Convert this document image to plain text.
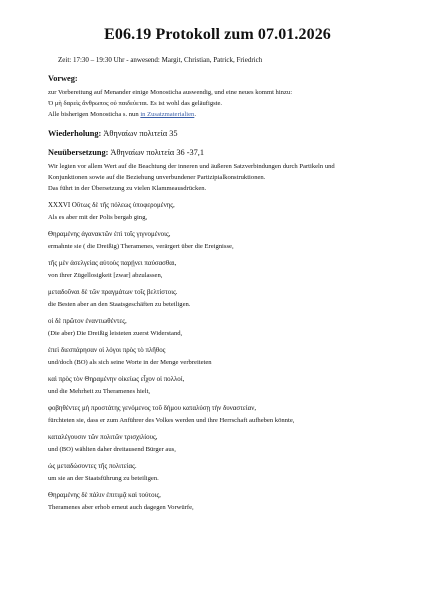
E06.19 Protokoll zum 07.01.2026
Zeit: 17:30 – 19:30 Uhr - anwesend: Margit, Christian, Patrick, Friedrich
Vorweg:

zur Vorbereitung auf Menander einige Monosticha auswendig, und eine neues kommt hinzu:

Ὁ μὴ δαρεὶς ἄνθρωπος οὐ παιδεύεται. Es ist wohl das geläufigste.

Alle bisherigen Monosticha s. nun in Zusatzmaterialien.

Wiederholung: Ἀθηναίων πολιτεία 35
Neuübersetzung: Ἀθηναίων πολιτεία 36 -37,1

Wir legten vor allem Wert auf die Beachtung der inneren und äußeren Satzverbindungen durch Partikeln und

Konjunktionen sowie auf die Beziehung unverbundener Partizipialkonstruktionen.

Das führt in der Übersetzung zu vielen Klammeausdrücken.

XXXVI Οὕτως δὲ τῆς πόλεως ὑποφερομένης,
Als es aber mit der Polis bergab ging,
Θηραμένης ἀγανακτῶν ἐπὶ τοῖς γιγνομένοις,
ermahnte sie ( die Dreißig) Theramenes, verärgert über die Ereignisse,
τῆς μὲν ἀσελγείας αὐτοὺς παρῄνει παύσασθαι,
von ihrer Zügellosigkeit [zwar] abzulassen,
μεταδοῦναι δὲ τῶν πραγμάτων τοῖς βελτίστοις.
die Besten aber an den Staatsgeschäften zu beteiligen.
οἱ δὲ πρῶτον ἐναντιωθέντες,
(Die aber) Die Dreißig leisteten zuerst Widerstand,
ἐπεὶ διεσπάρησαν οἱ λόγοι πρὸς τὸ πλῆθος
und/doch (BO) als sich seine Worte in der Menge verbreiteten
καὶ πρὸς τὸν Θηραμένην οἰκείως εἶχον οἱ πολλοί,
und die Mehrheit zu Theramenes hielt,
φοβηθέντες μὴ προστάτης γενόμενος τοῦ δήμου καταλύσῃ τὴν δυναστείαν,
fürchteten sie, dass er zum Anführer des Volkes werden und ihre Herrschaft aufheben könnte,
καταλέγουσιν τῶν πολιτῶν τρισχιλίους,
und (BO) wählten daher dreitausend Bürger aus,
ὡς μεταδώσοντες τῆς πολιτείας.
um sie an der Staatsführung zu beteiligen.
Θηραμένης δὲ πάλιν ἐπιτιμᾷ καὶ τούτοις,
Theramenes aber erhob erneut auch dagegen Vorwürfe,
